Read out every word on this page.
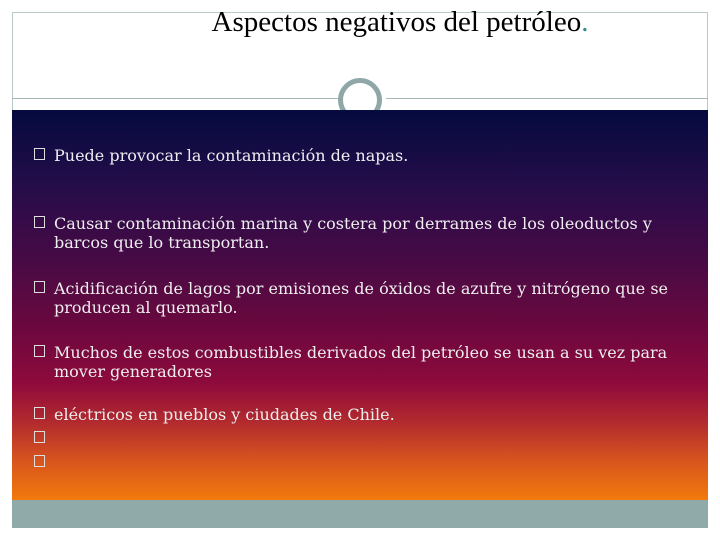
Aspectos negativos del petróleo.
Puede provocar la contaminación de napas.
Causar contaminación marina y costera por derrames de los oleoductos y barcos que lo transportan.
Acidificación de lagos por emisiones de óxidos de azufre y nitrógeno que se producen al quemarlo.
Muchos de estos combustibles derivados del petróleo se usan a su vez para mover generadores
eléctricos en pueblos y ciudades de Chile.
